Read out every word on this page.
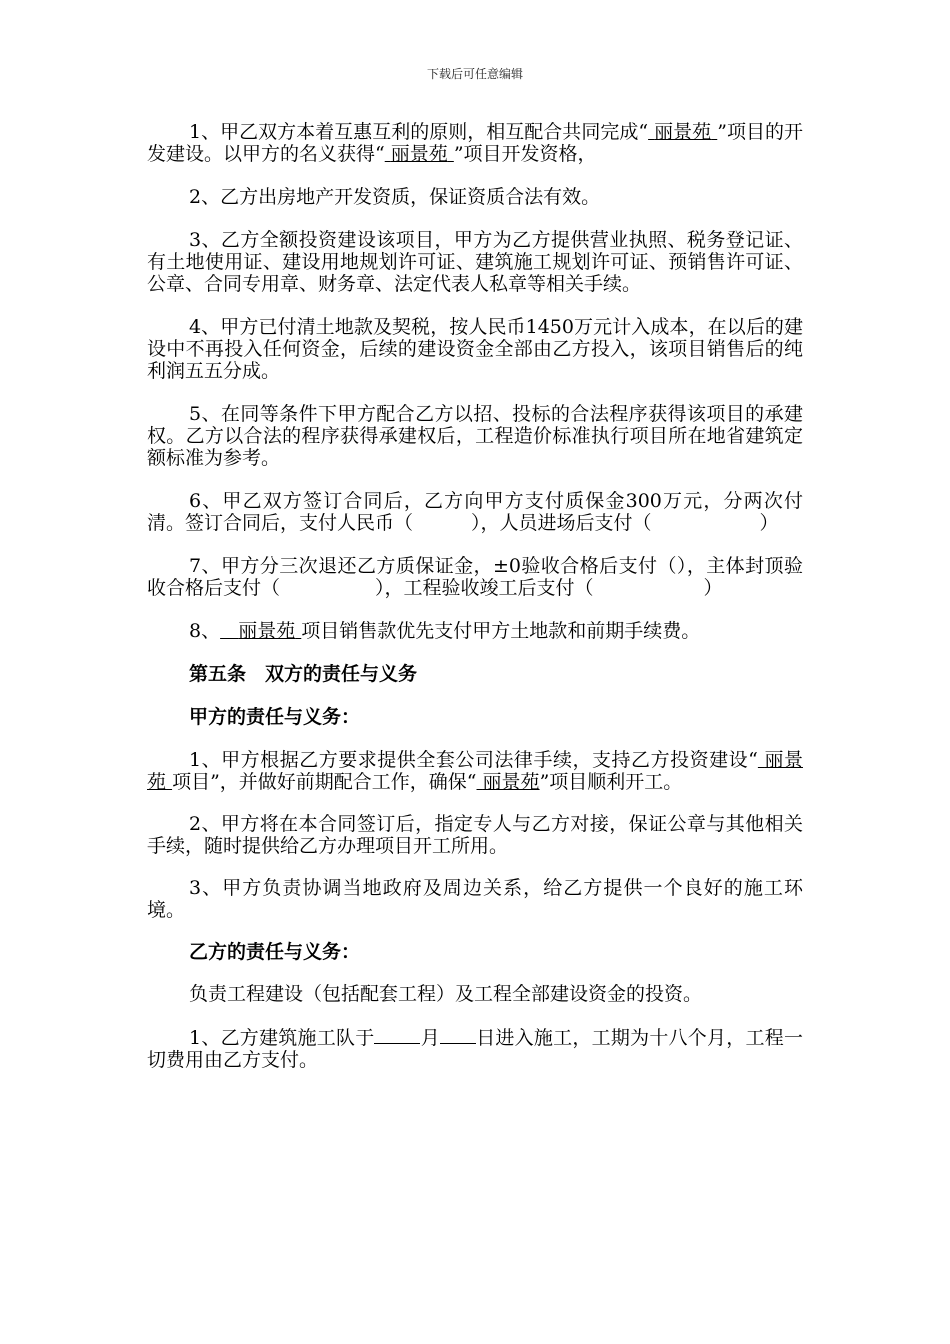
下载后可任意编辑

1、甲乙双方本着互惠互利的原则，相互配合共同完成“ 丽景苑 ”项目的开发建设。以甲方的名义获得“ 丽景苑 ”项目开发资格，

2、乙方出房地产开发资质，保证资质合法有效。

3、乙方全额投资建设该项目，甲方为乙方提供营业执照、税务登记证、有土地使用证、建设用地规划许可证、建筑施工规划许可证、预销售许可证、公章、合同专用章、财务章、法定代表人私章等相关手续。

4、甲方已付清土地款及契税，按人民币1450万元计入成本，在以后的建设中不再投入任何资金，后续的建设资金全部由乙方投入，该项目销售后的纯利润五五分成。

5、在同等条件下甲方配合乙方以招、投标的合法程序获得该项目的承建权。乙方以合法的程序获得承建权后，工程造价标准执行项目所在地省建筑定额标准为参考。

6、甲乙双方签订合同后，乙方向甲方支付质保金300万元，分两次付清。签订合同后，支付人民币（	），人员进场后支付（	）

7、甲方分三次退还乙方质保证金，±0验收合格后支付（），主体封顶验收合格后支付（	），工程验收竣工后支付（	）

8、 丽景苑 项目销售款优先支付甲方土地款和前期手续费。

第五条　双方的责任与义务

甲方的责任与义务：

1、甲方根据乙方要求提供全套公司法律手续，支持乙方投资建设“ 丽景苑 项目”，并做好前期配合工作，确保“ 丽景苑”项目顺利开工。

2、甲方将在本合同签订后，指定专人与乙方对接，保证公章与其他相关手续，随时提供给乙方办理项目开工所用。

3、甲方负责协调当地政府及周边关系，给乙方提供一个良好的施工环境。

乙方的责任与义务：

负责工程建设（包括配套工程）及工程全部建设资金的投资。

1、乙方建筑施工队于 月 日进入施工，工期为十八个月，工程一切费用由乙方支付。
